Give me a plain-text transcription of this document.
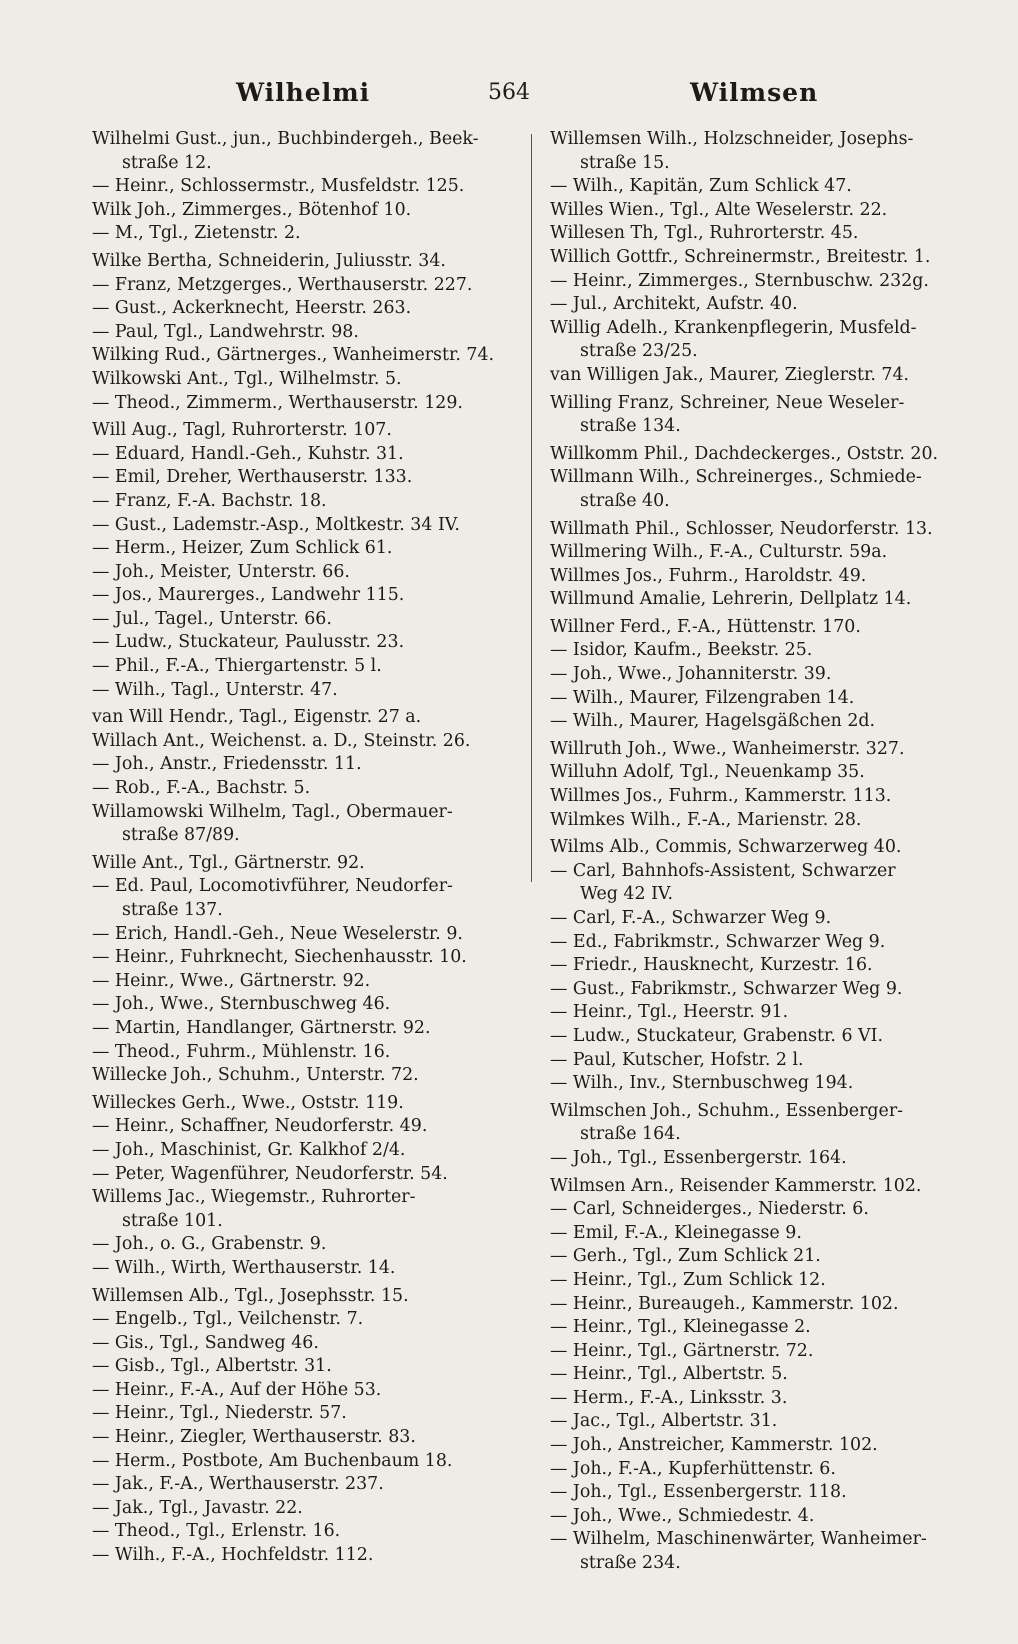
Wilhelmi	564	Wilmsen
Wilhelmi Gust., jun., Buchbindergeh., Beek-
straße 12.
— Heinr., Schlossermstr., Musfeldstr. 125.
Wilk Joh., Zimmerges., Bötenhof 10.
— M., Tgl., Zietenstr. 2.
Wilke Bertha, Schneiderin, Juliusstr. 34.
— Franz, Metzgerges., Werthauserstr. 227.
— Gust., Ackerknecht, Heerstr. 263.
— Paul, Tgl., Landwehrstr. 98.
Wilking Rud., Gärtnerges., Wanheimerstr. 74.
Wilkowski Ant., Tgl., Wilhelmstr. 5.
— Theod., Zimmerm., Werthauserstr. 129.
Will Aug., Tagl, Ruhrorterstr. 107.
— Eduard, Handl.-Geh., Kuhstr. 31.
— Emil, Dreher, Werthauserstr. 133.
— Franz, F.-A. Bachstr. 18.
— Gust., Lademstr.-Asp., Moltkestr. 34 IV.
— Herm., Heizer, Zum Schlick 61.
— Joh., Meister, Unterstr. 66.
— Jos., Maurerges., Landwehr 115.
— Jul., Tagel., Unterstr. 66.
— Ludw., Stuckateur, Paulusstr. 23.
— Phil., F.-A., Thiergartenstr. 5 l.
— Wilh., Tagl., Unterstr. 47.
van Will Hendr., Tagl., Eigenstr. 27 a.
Willach Ant., Weichenst. a. D., Steinstr. 26.
— Joh., Anstr., Friedensstr. 11.
— Rob., F.-A., Bachstr. 5.
Willamowski Wilhelm, Tagl., Obermauer-
straße 87/89.
Wille Ant., Tgl., Gärtnerstr. 92.
— Ed. Paul, Locomotivführer, Neudorfer-
straße 137.
— Erich, Handl.-Geh., Neue Weselerstr. 9.
— Heinr., Fuhrknecht, Siechenhausstr. 10.
— Heinr., Wwe., Gärtnerstr. 92.
— Joh., Wwe., Sternbuschweg 46.
— Martin, Handlanger, Gärtnerstr. 92.
— Theod., Fuhrm., Mühlenstr. 16.
Willecke Joh., Schuhm., Unterstr. 72.
Willeckes Gerh., Wwe., Oststr. 119.
— Heinr., Schaffner, Neudorferstr. 49.
— Joh., Maschinist, Gr. Kalkhof 2/4.
— Peter, Wagenführer, Neudorferstr. 54.
Willems Jac., Wiegemstr., Ruhrorter-
straße 101.
— Joh., o. G., Grabenstr. 9.
— Wilh., Wirth, Werthauserstr. 14.
Willemsen Alb., Tgl., Josephsstr. 15.
— Engelb., Tgl., Veilchenstr. 7.
— Gis., Tgl., Sandweg 46.
— Gisb., Tgl., Albertstr. 31.
— Heinr., F.-A., Auf der Höhe 53.
— Heinr., Tgl., Niederstr. 57.
— Heinr., Ziegler, Werthauserstr. 83.
— Herm., Postbote, Am Buchenbaum 18.
— Jak., F.-A., Werthauserstr. 237.
— Jak., Tgl., Javastr. 22.
— Theod., Tgl., Erlenstr. 16.
— Wilh., F.-A., Hochfeldstr. 112.
Willemsen Wilh., Holzschneider, Josephs-
straße 15.
— Wilh., Kapitän, Zum Schlick 47.
Willes Wien., Tgl., Alte Weselerstr. 22.
Willesen Th, Tgl., Ruhrorterstr. 45.
Willich Gottfr., Schreinermstr., Breitestr. 1.
— Heinr., Zimmerges., Sternbuschw. 232g.
— Jul., Architekt, Aufstr. 40.
Willig Adelh., Krankenpflegerin, Musfeld-
straße 23/25.
van Willigen Jak., Maurer, Zieglerstr. 74.
Willing Franz, Schreiner, Neue Weseler-
straße 134.
Willkomm Phil., Dachdeckerges., Oststr. 20.
Willmann Wilh., Schreinerges., Schmiede-
straße 40.
Willmath Phil., Schlosser, Neudorferstr. 13.
Willmering Wilh., F.-A., Culturstr. 59a.
Willmes Jos., Fuhrm., Haroldstr. 49.
Willmund Amalie, Lehrerin, Dellplatz 14.
Willner Ferd., F.-A., Hüttenstr. 170.
— Isidor, Kaufm., Beekstr. 25.
— Joh., Wwe., Johanniterstr. 39.
— Wilh., Maurer, Filzengraben 14.
— Wilh., Maurer, Hagelsgäßchen 2d.
Willruth Joh., Wwe., Wanheimerstr. 327.
Willuhn Adolf, Tgl., Neuenkamp 35.
Willmes Jos., Fuhrm., Kammerstr. 113.
Wilmkes Wilh., F.-A., Marienstr. 28.
Wilms Alb., Commis, Schwarzerweg 40.
— Carl, Bahnhofs-Assistent, Schwarzer
Weg 42 IV.
— Carl, F.-A., Schwarzer Weg 9.
— Ed., Fabrikmstr., Schwarzer Weg 9.
— Friedr., Hausknecht, Kurzestr. 16.
— Gust., Fabrikmstr., Schwarzer Weg 9.
— Heinr., Tgl., Heerstr. 91.
— Ludw., Stuckateur, Grabenstr. 6 VI.
— Paul, Kutscher, Hofstr. 2 l.
— Wilh., Inv., Sternbuschweg 194.
Wilmschen Joh., Schuhm., Essenberger-
straße 164.
— Joh., Tgl., Essenbergerstr. 164.
Wilmsen Arn., Reisender Kammerstr. 102.
— Carl, Schneiderges., Niederstr. 6.
— Emil, F.-A., Kleinegasse 9.
— Gerh., Tgl., Zum Schlick 21.
— Heinr., Tgl., Zum Schlick 12.
— Heinr., Bureaugeh., Kammerstr. 102.
— Heinr., Tgl., Kleinegasse 2.
— Heinr., Tgl., Gärtnerstr. 72.
— Heinr., Tgl., Albertstr. 5.
— Herm., F.-A., Linksstr. 3.
— Jac., Tgl., Albertstr. 31.
— Joh., Anstreicher, Kammerstr. 102.
— Joh., F.-A., Kupferhüttenstr. 6.
— Joh., Tgl., Essenbergerstr. 118.
— Joh., Wwe., Schmiedestr. 4.
— Wilhelm, Maschinenwärter, Wanheimer-
straße 234.
